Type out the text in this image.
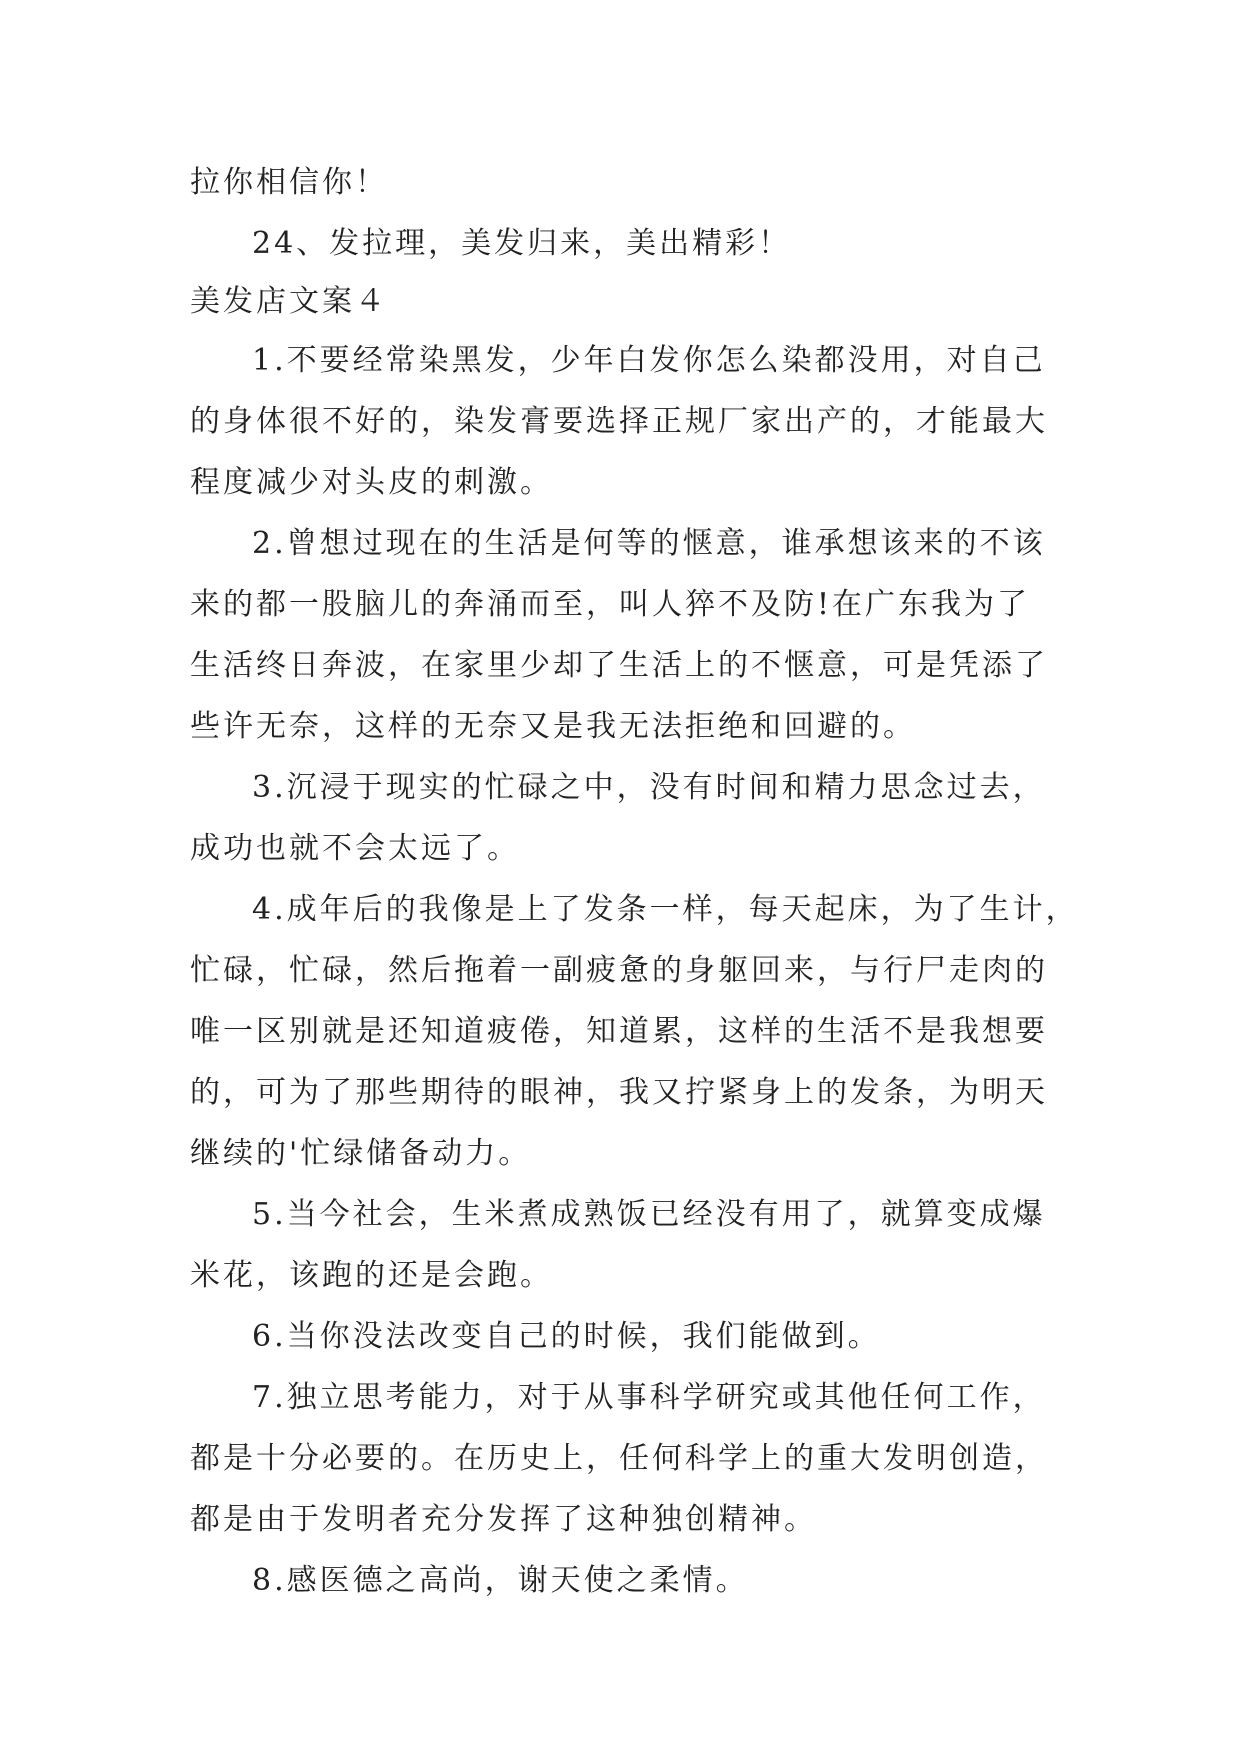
拉你相信你！
24、发拉理，美发归来，美出精彩！
美发店文案４
1.不要经常染黑发，少年白发你怎么染都没用，对自己
的身体很不好的，染发膏要选择正规厂家出产的，才能最大
程度减少对头皮的刺激。
2.曾想过现在的生活是何等的惬意，谁承想该来的不该
来的都一股脑儿的奔涌而至，叫人猝不及防!在广东我为了
生活终日奔波，在家里少却了生活上的不惬意，可是凭添了
些许无奈，这样的无奈又是我无法拒绝和回避的。
3.沉浸于现实的忙碌之中，没有时间和精力思念过去，
成功也就不会太远了。
4.成年后的我像是上了发条一样，每天起床，为了生计，
忙碌，忙碌，然后拖着一副疲惫的身躯回来，与行尸走肉的
唯一区别就是还知道疲倦，知道累，这样的生活不是我想要
的，可为了那些期待的眼神，我又拧紧身上的发条，为明天
继续的'忙绿储备动力。
5.当今社会，生米煮成熟饭已经没有用了，就算变成爆
米花，该跑的还是会跑。
6.当你没法改变自己的时候，我们能做到。
7.独立思考能力，对于从事科学研究或其他任何工作，
都是十分必要的。在历史上，任何科学上的重大发明创造，
都是由于发明者充分发挥了这种独创精神。
8.感医德之高尚，谢天使之柔情。
